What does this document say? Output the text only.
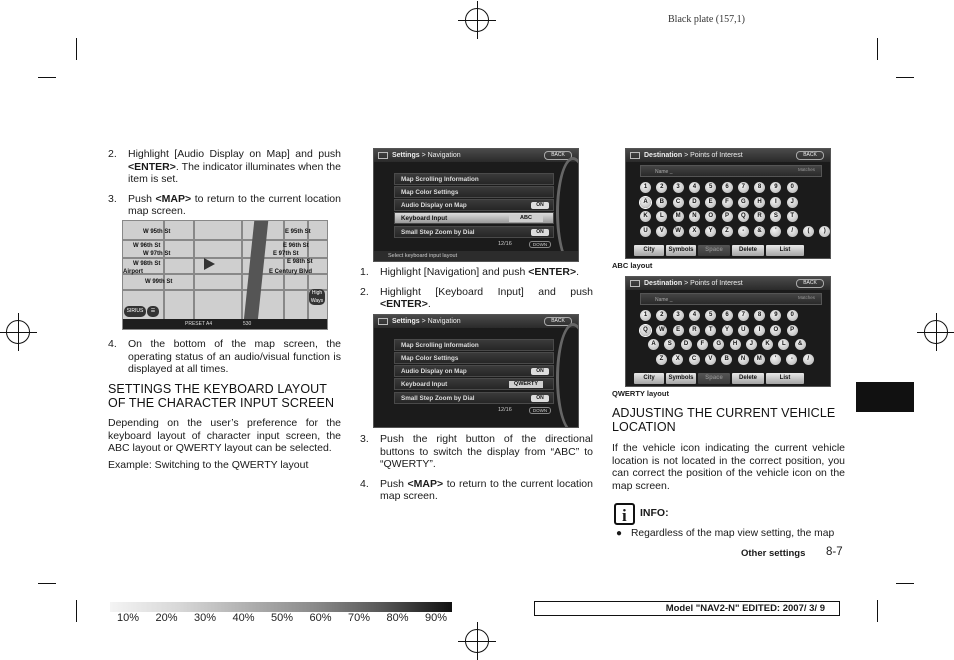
Black plate (157,1)
2. Highlight [Audio Display on Map] and push <ENTER>. The indicator illuminates when the item is set.
3. Push <MAP> to return to the current location map screen.
W 95th St	E 95th St
W 96th St	E 96th St
W 97th St	E 97th St
W 98th St	E 98th St
W 99th St
Airport	E Century Blvd
SIRIUS	☰
High Ways
PRESET A4	530
4. On the bottom of the map screen, the operating status of an audio/visual function is displayed at all times.
SETTINGS THE KEYBOARD LAYOUT OF THE CHARACTER INPUT SCREEN
Depending on the user’s preference for the keyboard layout of character input screen, the ABC layout or QWERTY layout can be selected.
Example: Switching to the QWERTY layout
Settings > Navigation	BACK
Map Scrolling Information
Map Color Settings
Audio Display on Map	ON
Keyboard Input	ABC
Small Step Zoom by Dial	ON
12/16	DOWN
Select keyboard input layout
1. Highlight [Navigation] and push <ENTER>.
2. Highlight [Keyboard Input] and push <ENTER>.
Settings > Navigation	BACK
Map Scrolling Information
Map Color Settings
Audio Display on Map	ON
Keyboard Input	QWERTY
Small Step Zoom by Dial	ON
12/16	DOWN
3. Push the right button of the directional buttons to switch the display from “ABC” to “QWERTY”.
4. Push <MAP> to return to the current location map screen.
Destination > Points of Interest	BACK
Name _	Matches
1	2	3	4	5	6	7	8	9	0
A	B	C	D	E	F	G	H	I	J
K	L	M	N	O	P	Q	R	S	T
U	V	W	X	Y	Z	-	&	'	/	(	)
City	Symbols	Space	Delete	List
ABC layout
Destination > Points of Interest	BACK
Name _	Matches
1	2	3	4	5	6	7	8	9	0
Q	W	E	R	T	Y	U	I	O	P
A	S	D	F	G	H	J	K	L	&
Z	X	C	V	B	N	M	'	-	/
City	Symbols	Space	Delete	List
QWERTY layout
ADJUSTING THE CURRENT VEHICLE LOCATION
If the vehicle icon indicating the current vehicle location is not located in the correct position, you can correct the position of the vehicle icon on the map screen.
i INFO:
● Regardless of the map view setting, the map
Other settings 8-7
10% 20% 30% 40% 50% 60% 70% 80% 90%
Model "NAV2-N" EDITED: 2007/ 3/ 9
